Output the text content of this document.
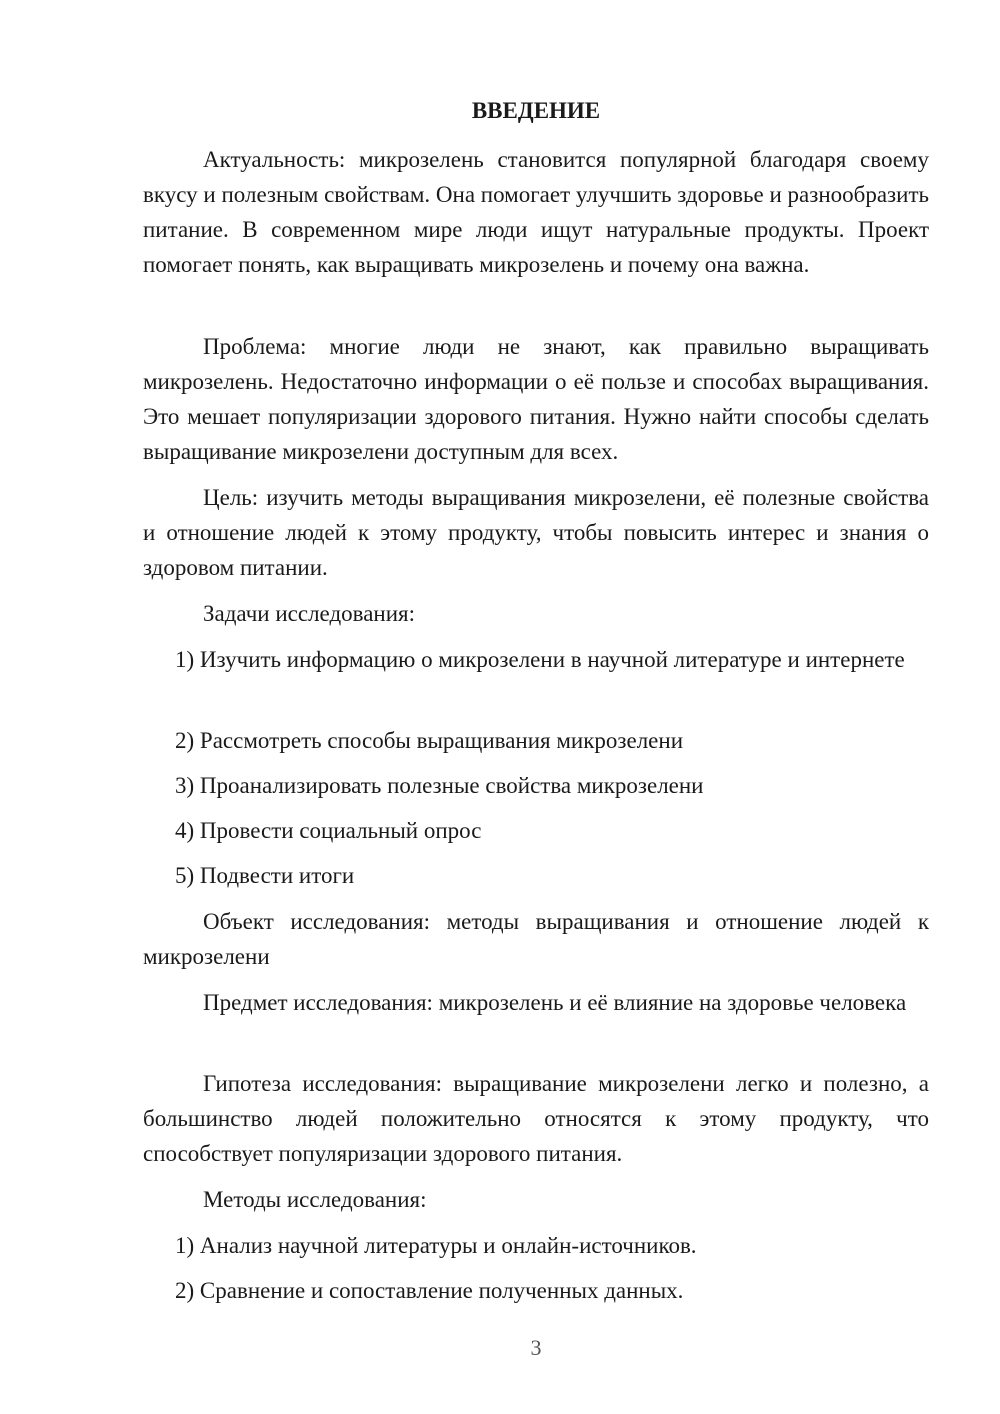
ВВЕДЕНИЕ
Актуальность: микрозелень становится популярной благодаря своему вкусу и полезным свойствам. Она помогает улучшить здоровье и разнообразить питание. В современном мире люди ищут натуральные продукты. Проект помогает понять, как выращивать микрозелень и почему она важна.
Проблема: многие люди не знают, как правильно выращивать микрозелень. Недостаточно информации о её пользе и способах выращивания. Это мешает популяризации здорового питания. Нужно найти способы сделать выращивание микрозелени доступным для всех.
Цель: изучить методы выращивания микрозелени, её полезные свойства и отношение людей к этому продукту, чтобы повысить интерес и знания о здоровом питании.
Задачи исследования:
1) Изучить информацию о микрозелени в научной литературе и интернете
2) Рассмотреть способы выращивания микрозелени
3) Проанализировать полезные свойства микрозелени
4) Провести социальный опрос
5) Подвести итоги
Объект исследования: методы выращивания и отношение людей к микрозелени
Предмет исследования: микрозелень и её влияние на здоровье человека
Гипотеза исследования: выращивание микрозелени легко и полезно, а большинство людей положительно относятся к этому продукту, что способствует популяризации здорового питания.
Методы исследования:
1) Анализ научной литературы и онлайн-источников.
2) Сравнение и сопоставление полученных данных.
3
